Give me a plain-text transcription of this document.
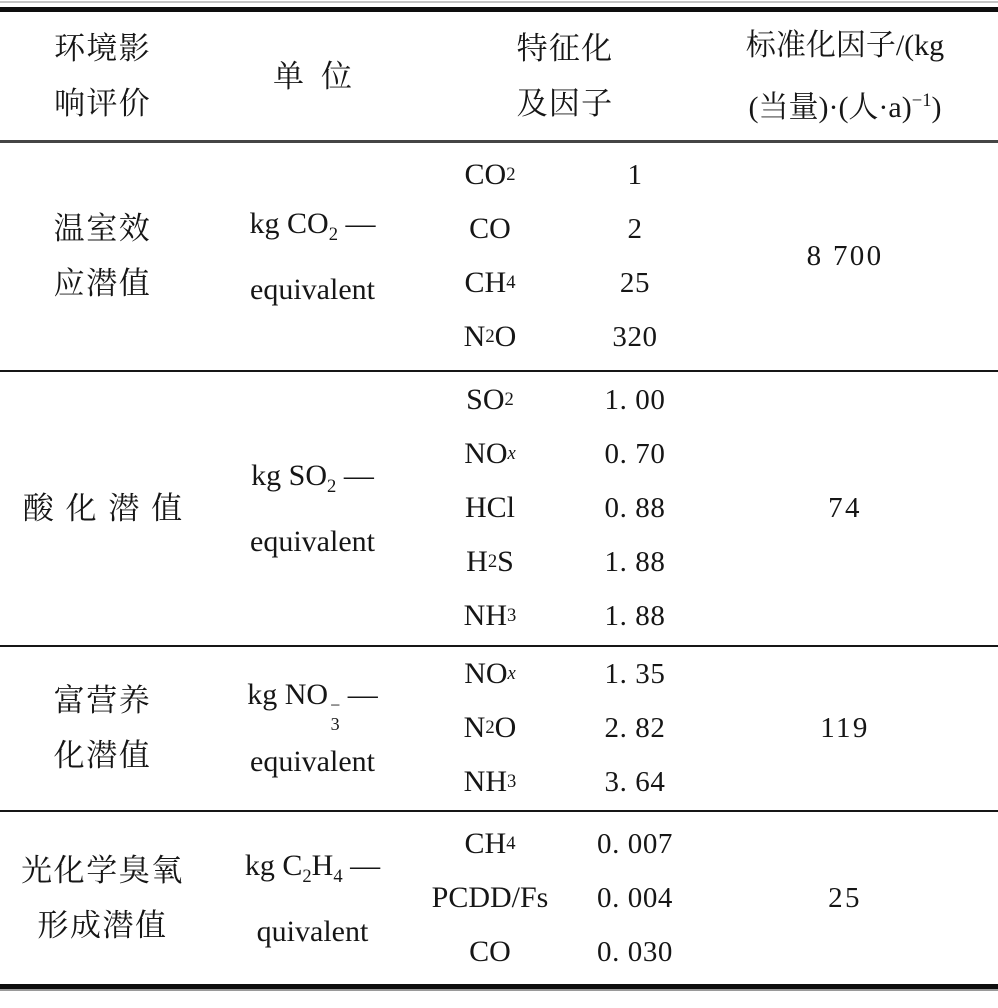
环境影
响评价
单位
特征化
及因子
标准化因子/(kg
(当量)·(人·a)$^{-1}$)
温室效
应潜值
kg $CO_2$ —
equivalent
CO 2
CO
CH 4
N 2 O
1
2
25
320
8 700
酸化潜值
kg $SO_2$ —
equivalent
SO 2
NO x
HCl
H 2 S
NH 3
1. 00
0. 70
0. 88
1. 88
1. 88
74
富营养
化潜值
kg NO −
3
—
equivalent
NO x
N 2 O
NH 3
1. 35
2. 82
3. 64
119
光化学臭氧
形成潜值
kg $C_2H_4$ —
quivalent
CH 4
PCDD/Fs
CO
0. 007
0. 004
0. 030
25
